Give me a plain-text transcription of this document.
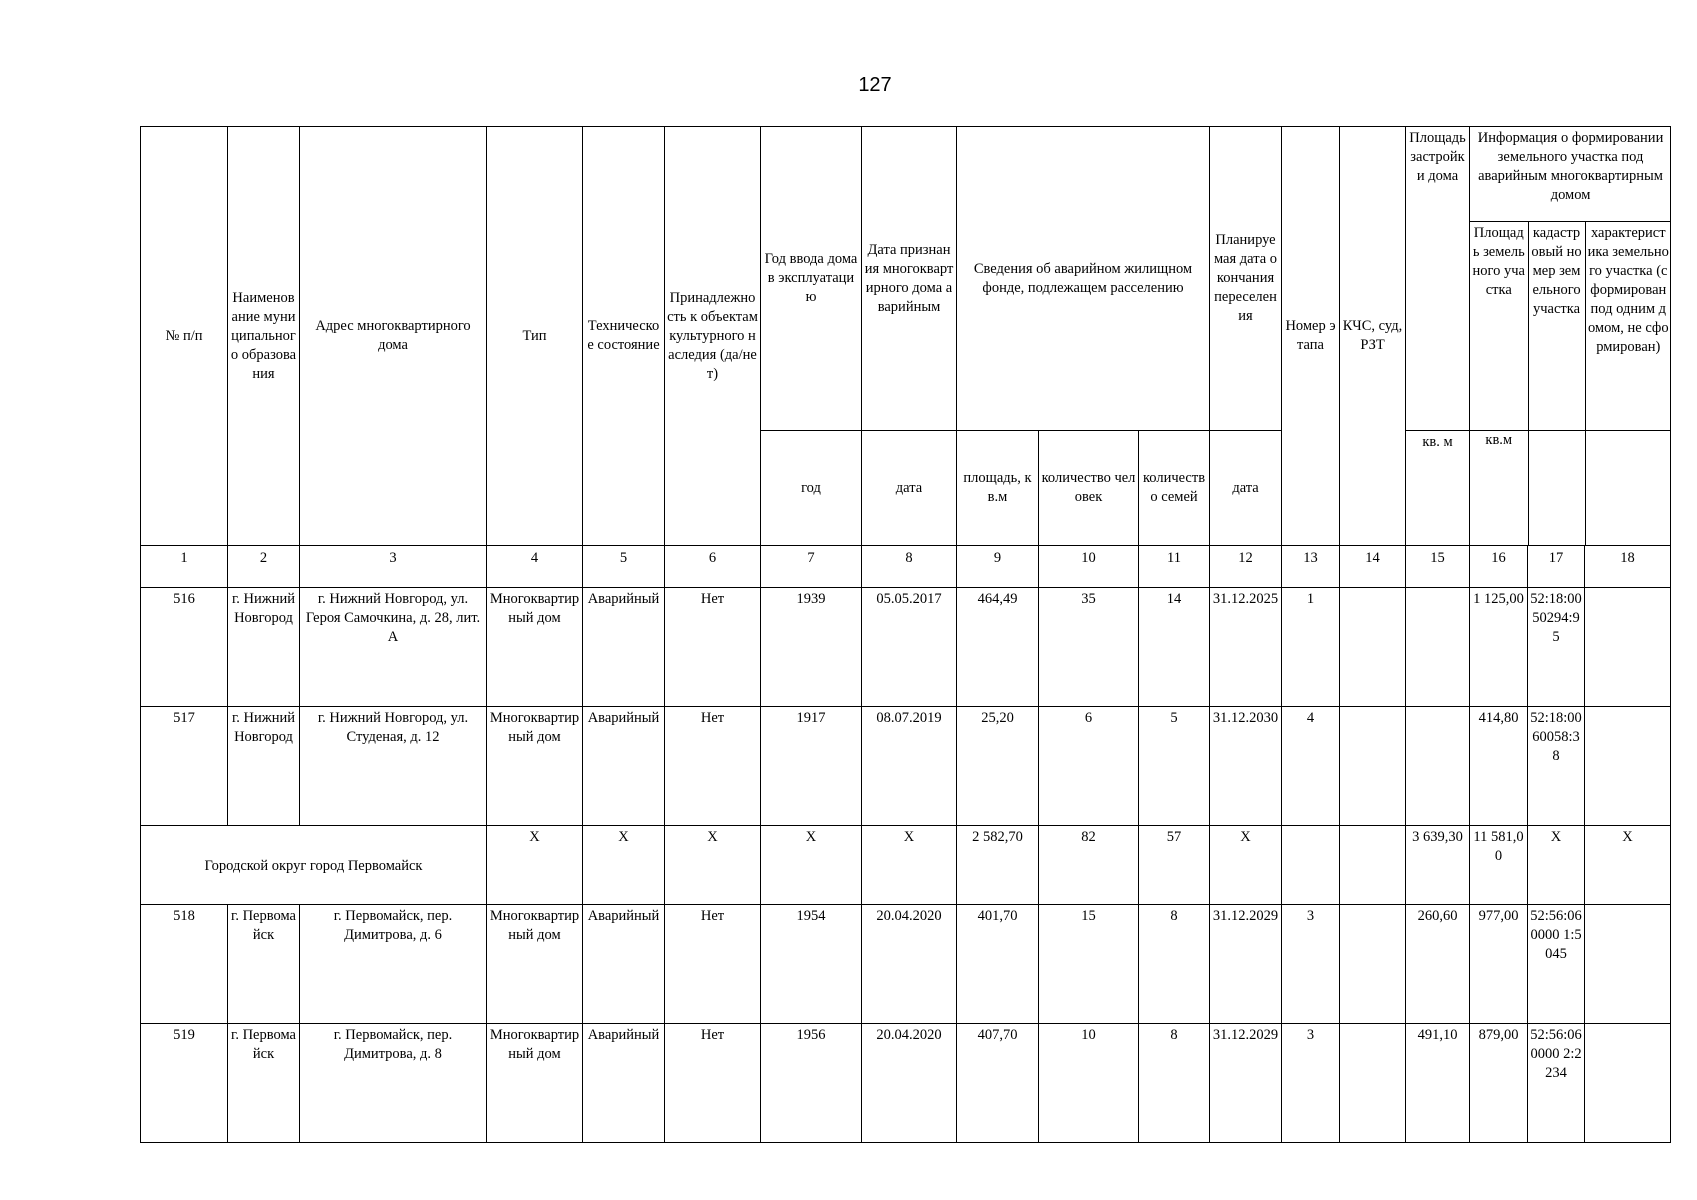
127
№ п/п	Наименование муниципального образования	Адрес многоквартирного дома	Тип	Техническое состояние	Принадлежность к объектам культурного наследия (да/нет)	Год ввода дома в эксплуатацию	Дата признания многоквартирного дома аварийным	Сведения об аварийном жилищном фонде, подлежащем расселению	Планируемая дата окончания переселения	Номер этапа	КЧС, суд, РЗТ	Площадь застройки дома	
Информация о формировании земельного участка под аварийным многоквартирным домом
Площадь земельного участка	кадастровый номер земельного участка	характеристика земельного участка (сформирован под одним домом, не сформирован)

год	дата	площадь, кв.м	количество человек	количество семей	дата	кв. м	кв.м		

1	2	3	4	5	6	7	8	9	10	11	12	13	14	15	16	17	18
516	г. Нижний Новгород	г. Нижний Новгород, ул. Героя Самочкина, д. 28, лит. А	Многоквартирный дом	Аварийный	Нет	1939	05.05.2017	464,49	35	14	31.12.2025	1			1 125,00	52:18:0050294:95	
517	г. Нижний Новгород	г. Нижний Новгород, ул. Студеная, д. 12	Многоквартирный дом	Аварийный	Нет	1917	08.07.2019	25,20	6	5	31.12.2030	4			414,80	52:18:0060058:38	
Городской округ город Первомайск	X	X	X	X	X	2 582,70	82	57	X			3 639,30	11 581,00	X	X
518	г. Первомайск	г. Первомайск, пер. Димитрова, д. 6	Многоквартирный дом	Аварийный	Нет	1954	20.04.2020	401,70	15	8	31.12.2029	3		260,60	977,00	52:56:060000 1:5045	
519	г. Первомайск	г. Первомайск, пер. Димитрова, д. 8	Многоквартирный дом	Аварийный	Нет	1956	20.04.2020	407,70	10	8	31.12.2029	3		491,10	879,00	52:56:060000 2:2234	
